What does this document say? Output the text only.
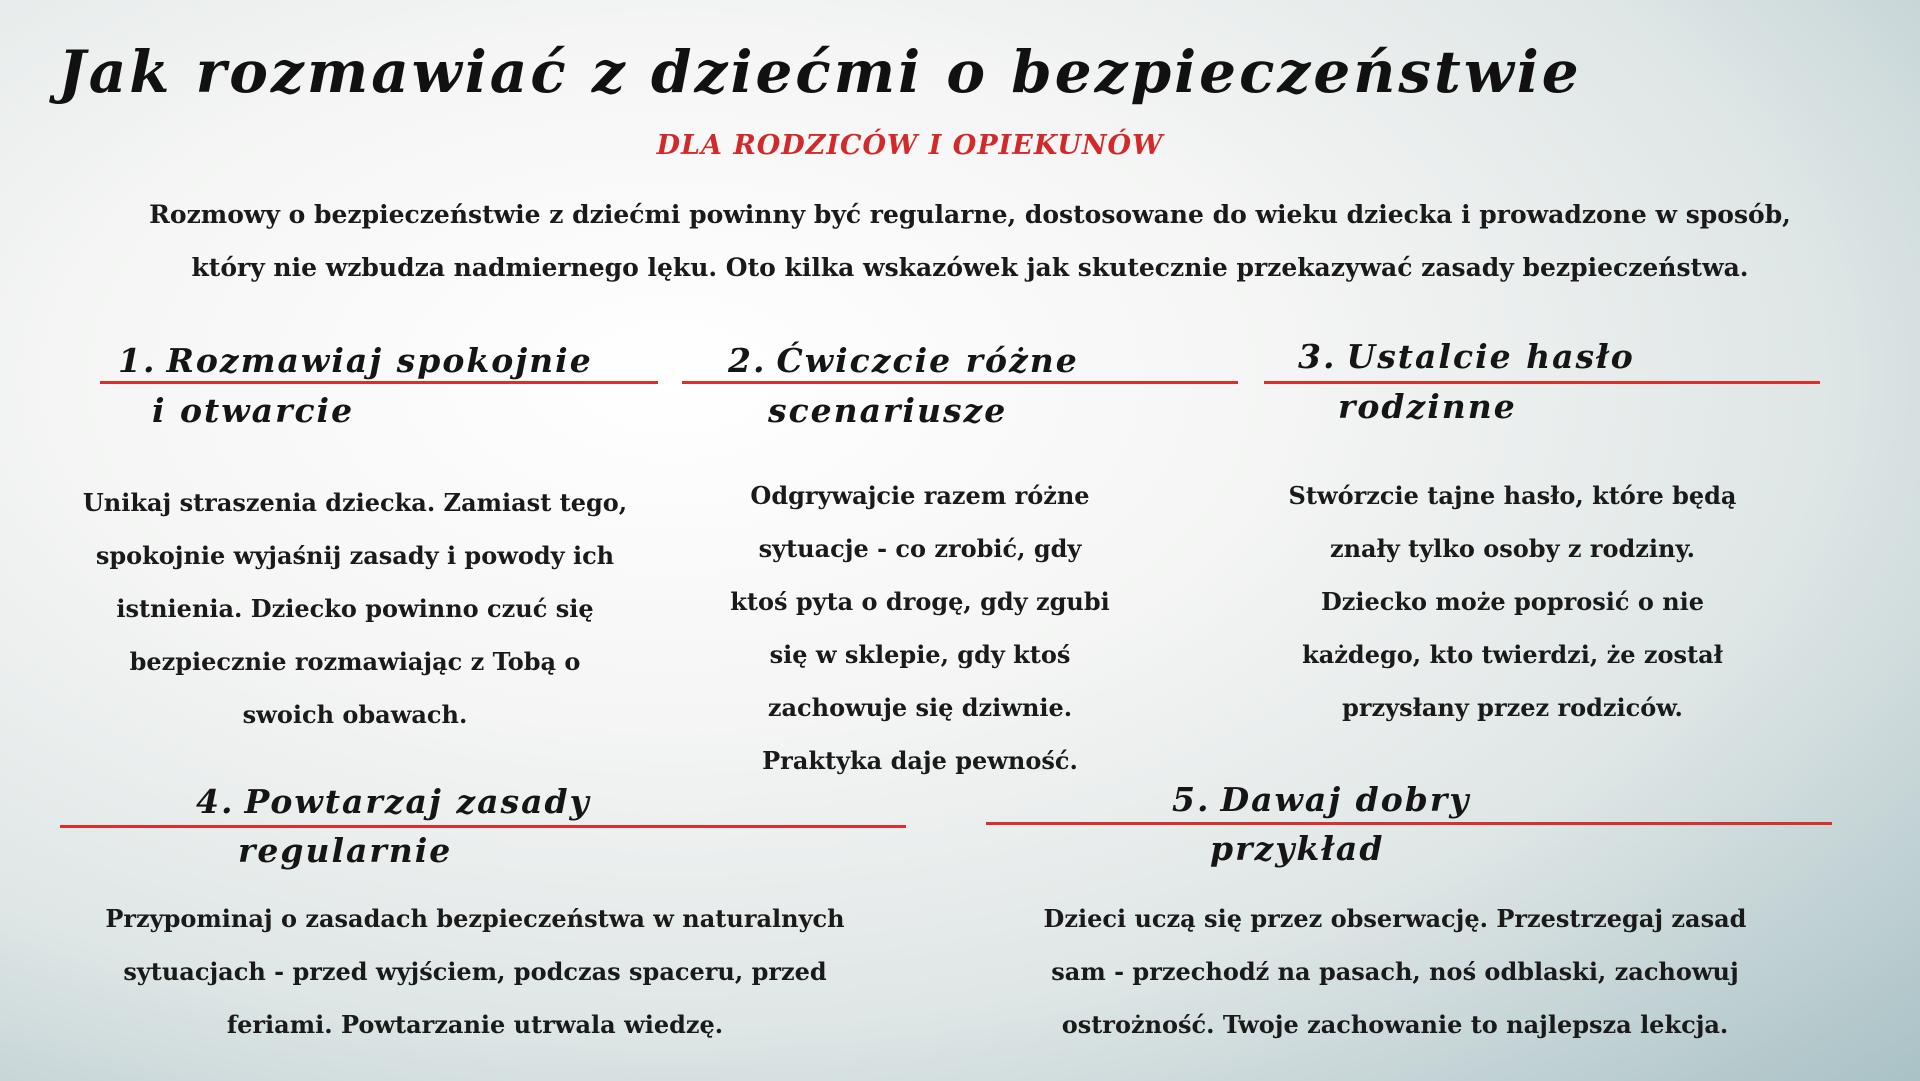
Jak rozmawiać z dziećmi o bezpieczeństwie
DLA RODZICÓW I OPIEKUNÓW
Rozmowy o bezpieczeństwie z dziećmi powinny być regularne, dostosowane do wieku dziecka i prowadzone w sposób,
który nie wzbudza nadmiernego lęku. Oto kilka wskazówek jak skutecznie przekazywać zasady bezpieczeństwa.
1. Rozmawiaj spokojnie
i otwarcie
Unikaj straszenia dziecka. Zamiast tego,
spokojnie wyjaśnij zasady i powody ich
istnienia. Dziecko powinno czuć się
bezpiecznie rozmawiając z Tobą o
swoich obawach.
2. Ćwiczcie różne
scenariusze
Odgrywajcie razem różne
sytuacje - co zrobić, gdy
ktoś pyta o drogę, gdy zgubi
się w sklepie, gdy ktoś
zachowuje się dziwnie.
Praktyka daje pewność.
3. Ustalcie hasło
rodzinne
Stwórzcie tajne hasło, które będą
znały tylko osoby z rodziny.
Dziecko może poprosić o nie
każdego, kto twierdzi, że został
przysłany przez rodziców.
4. Powtarzaj zasady
regularnie
Przypominaj o zasadach bezpieczeństwa w naturalnych
sytuacjach - przed wyjściem, podczas spaceru, przed
feriami. Powtarzanie utrwala wiedzę.
5. Dawaj dobry
przykład
Dzieci uczą się przez obserwację. Przestrzegaj zasad
sam - przechodź na pasach, noś odblaski, zachowuj
ostrożność. Twoje zachowanie to najlepsza lekcja.
